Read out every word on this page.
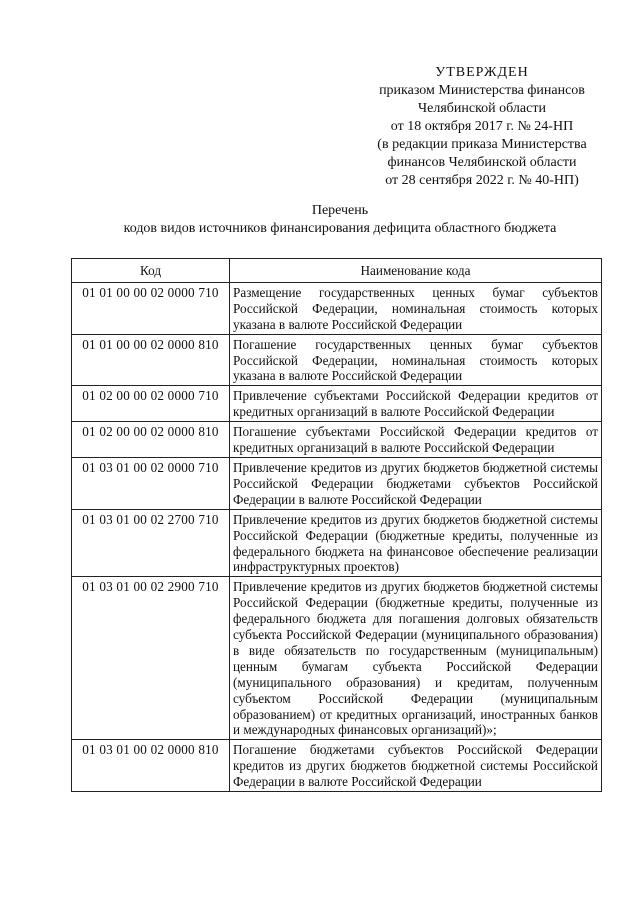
УТВЕРЖДЕН
приказом Министерства финансов
Челябинской области
от 18 октября 2017 г. № 24-НП
(в редакции приказа Министерства
финансов Челябинской области
от 28 сентября 2022 г. № 40-НП)
Перечень
кодов видов источников финансирования дефицита областного бюджета
Код	Наименование кода
01 01 00 00 02 0000 710	Размещение государственных ценных бумаг субъектов Российской Федерации, номинальная стоимость которых указана в валюте Российской Федерации
01 01 00 00 02 0000 810	Погашение государственных ценных бумаг субъектов Российской Федерации, номинальная стоимость которых указана в валюте Российской Федерации
01 02 00 00 02 0000 710	Привлечение субъектами Российской Федерации кредитов от кредитных организаций в валюте Российской Федерации
01 02 00 00 02 0000 810	Погашение субъектами Российской Федерации кредитов от кредитных организаций в валюте Российской Федерации
01 03 01 00 02 0000 710	Привлечение кредитов из других бюджетов бюджетной системы Российской Федерации бюджетами субъектов Российской Федерации в валюте Российской Федерации
01 03 01 00 02 2700 710	Привлечение кредитов из других бюджетов бюджетной системы Российской Федерации (бюджетные кредиты, полученные из федерального бюджета на финансовое обеспечение реализации инфраструктурных проектов)
01 03 01 00 02 2900 710	Привлечение кредитов из других бюджетов бюджетной системы Российской Федерации (бюджетные кредиты, полученные из федерального бюджета для погашения долговых обязательств субъекта Российской Федерации (муниципального образования) в виде обязательств по государственным (муниципальным) ценным бумагам субъекта Российской Федерации (муниципального образования) и кредитам, полученным субъектом Российской Федерации (муниципальным образованием) от кредитных организаций, иностранных банков и международных финансовых организаций)»;
01 03 01 00 02 0000 810	Погашение бюджетами субъектов Российской Федерации кредитов из других бюджетов бюджетной системы Российской Федерации в валюте Российской Федерации
